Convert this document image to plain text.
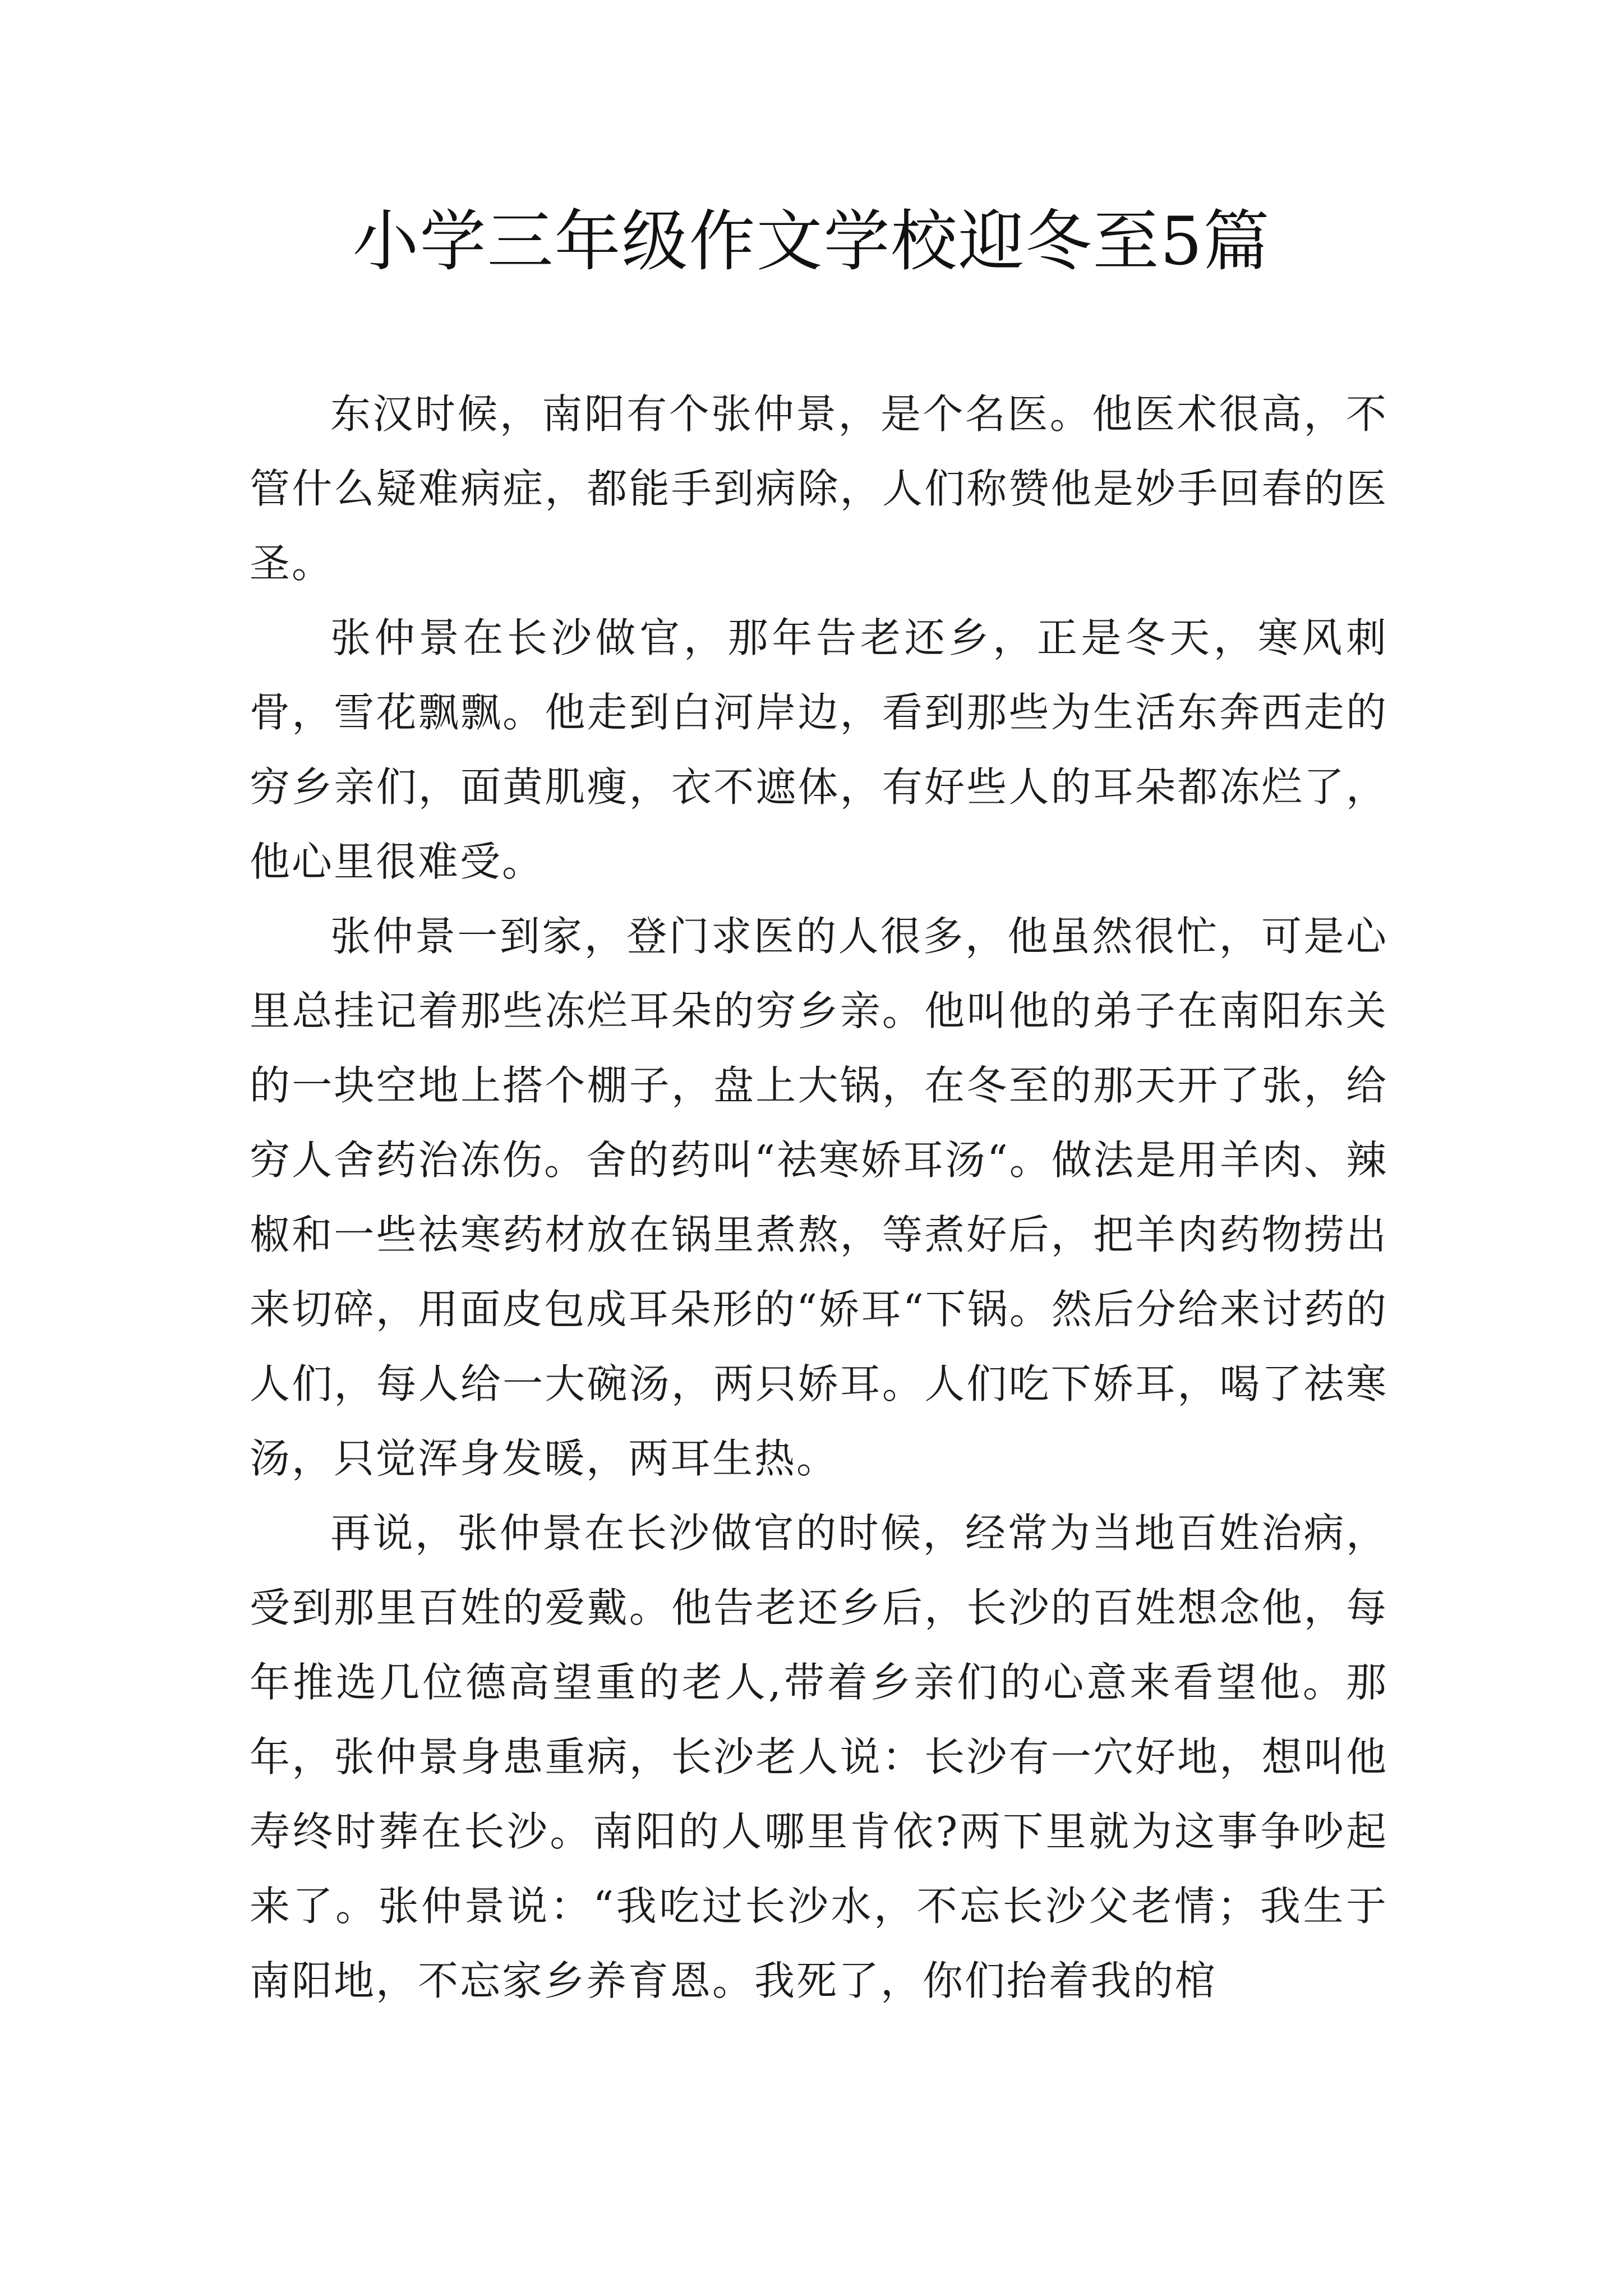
小学三年级作文学校迎冬至5篇

东汉时候，南阳有个张仲景，是个名医。他医术很高，不管什么疑难病症，都能手到病除，人们称赞他是妙手回春的医圣。

张仲景在长沙做官，那年告老还乡，正是冬天，寒风刺骨，雪花飘飘。他走到白河岸边，看到那些为生活东奔西走的穷乡亲们，面黄肌瘦，衣不遮体，有好些人的耳朵都冻烂了，他心里很难受。

张仲景一到家，登门求医的人很多，他虽然很忙，可是心里总挂记着那些冻烂耳朵的穷乡亲。他叫他的弟子在南阳东关的一块空地上搭个棚子，盘上大锅，在冬至的那天开了张，给穷人舍药治冻伤。舍的药叫“祛寒娇耳汤“。做法是用羊肉、辣椒和一些祛寒药材放在锅里煮熬，等煮好后，把羊肉药物捞出来切碎，用面皮包成耳朵形的“娇耳“下锅。然后分给来讨药的人们，每人给一大碗汤，两只娇耳。人们吃下娇耳，喝了祛寒汤，只觉浑身发暖，两耳生热。

再说，张仲景在长沙做官的时候，经常为当地百姓治病，受到那里百姓的爱戴。他告老还乡后，长沙的百姓想念他，每年推选几位德高望重的老人,带着乡亲们的心意来看望他。那年，张仲景身患重病，长沙老人说：长沙有一穴好地，想叫他寿终时葬在长沙。南阳的人哪里肯依?两下里就为这事争吵起来了。张仲景说：“我吃过长沙水，不忘长沙父老情；我生于南阳地，不忘家乡养育恩。我死了，你们抬着我的棺
